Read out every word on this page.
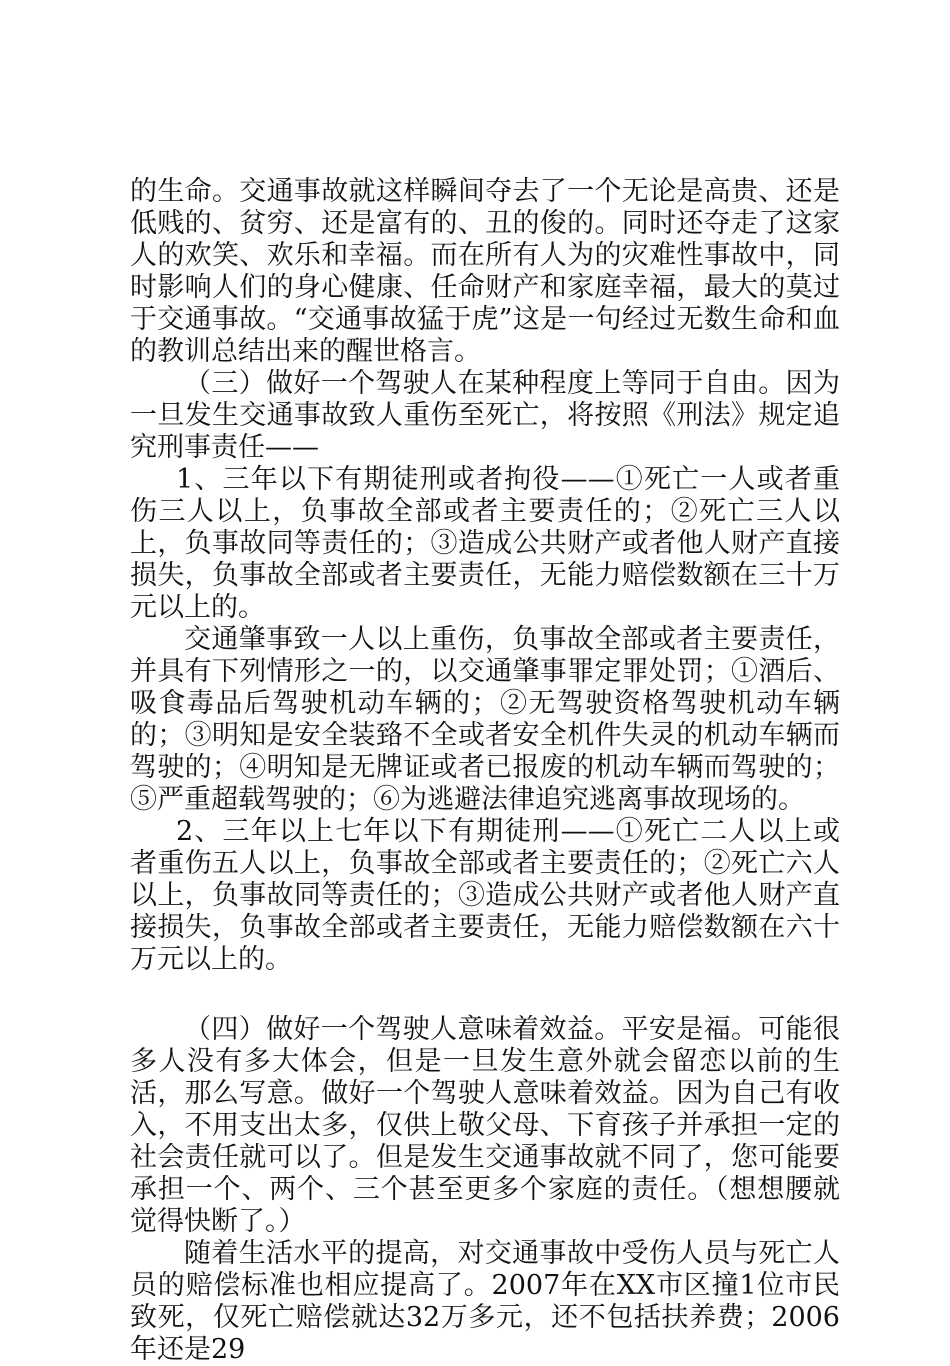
的生命。交通事故就这样瞬间夺去了一个无论是高贵、还是低贱的、贫穷、还是富有的、丑的俊的。同时还夺走了这家人的欢笑、欢乐和幸福。而在所有人为的灾难性事故中，同时影响人们的身心健康、任命财产和家庭幸福，最大的莫过于交通事故。“交通事故猛于虎”这是一句经过无数生命和血的教训总结出来的醒世格言。

（三）做好一个驾驶人在某种程度上等同于自由。因为一旦发生交通事故致人重伤至死亡，将按照《刑法》规定追究刑事责任——

1、三年以下有期徒刑或者拘役——①死亡一人或者重伤三人以上，负事故全部或者主要责任的；②死亡三人以上，负事故同等责任的；③造成公共财产或者他人财产直接损失，负事故全部或者主要责任，无能力赔偿数额在三十万元以上的。

交通肇事致一人以上重伤，负事故全部或者主要责任，并具有下列情形之一的，以交通肇事罪定罪处罚；①酒后、吸食毒品后驾驶机动车辆的；②无驾驶资格驾驶机动车辆的；③明知是安全装臵不全或者安全机件失灵的机动车辆而驾驶的；④明知是无牌证或者已报废的机动车辆而驾驶的；⑤严重超载驾驶的；⑥为逃避法律追究逃离事故现场的。

2、三年以上七年以下有期徒刑——①死亡二人以上或者重伤五人以上，负事故全部或者主要责任的；②死亡六人以上，负事故同等责任的；③造成公共财产或者他人财产直接损失，负事故全部或者主要责任，无能力赔偿数额在六十万元以上的。

（四）做好一个驾驶人意味着效益。平安是福。可能很多人没有多大体会，但是一旦发生意外就会留恋以前的生活，那么写意。做好一个驾驶人意味着效益。因为自己有收入，不用支出太多，仅供上敬父母、下育孩子并承担一定的社会责任就可以了。但是发生交通事故就不同了，您可能要承担一个、两个、三个甚至更多个家庭的责任。（想想腰就觉得快断了。）

随着生活水平的提高，对交通事故中受伤人员与死亡人员的赔偿标准也相应提高了。2007年在XX市区撞1位市民致死，仅死亡赔偿就达32万多元，还不包括扶养费；2006年还是29
